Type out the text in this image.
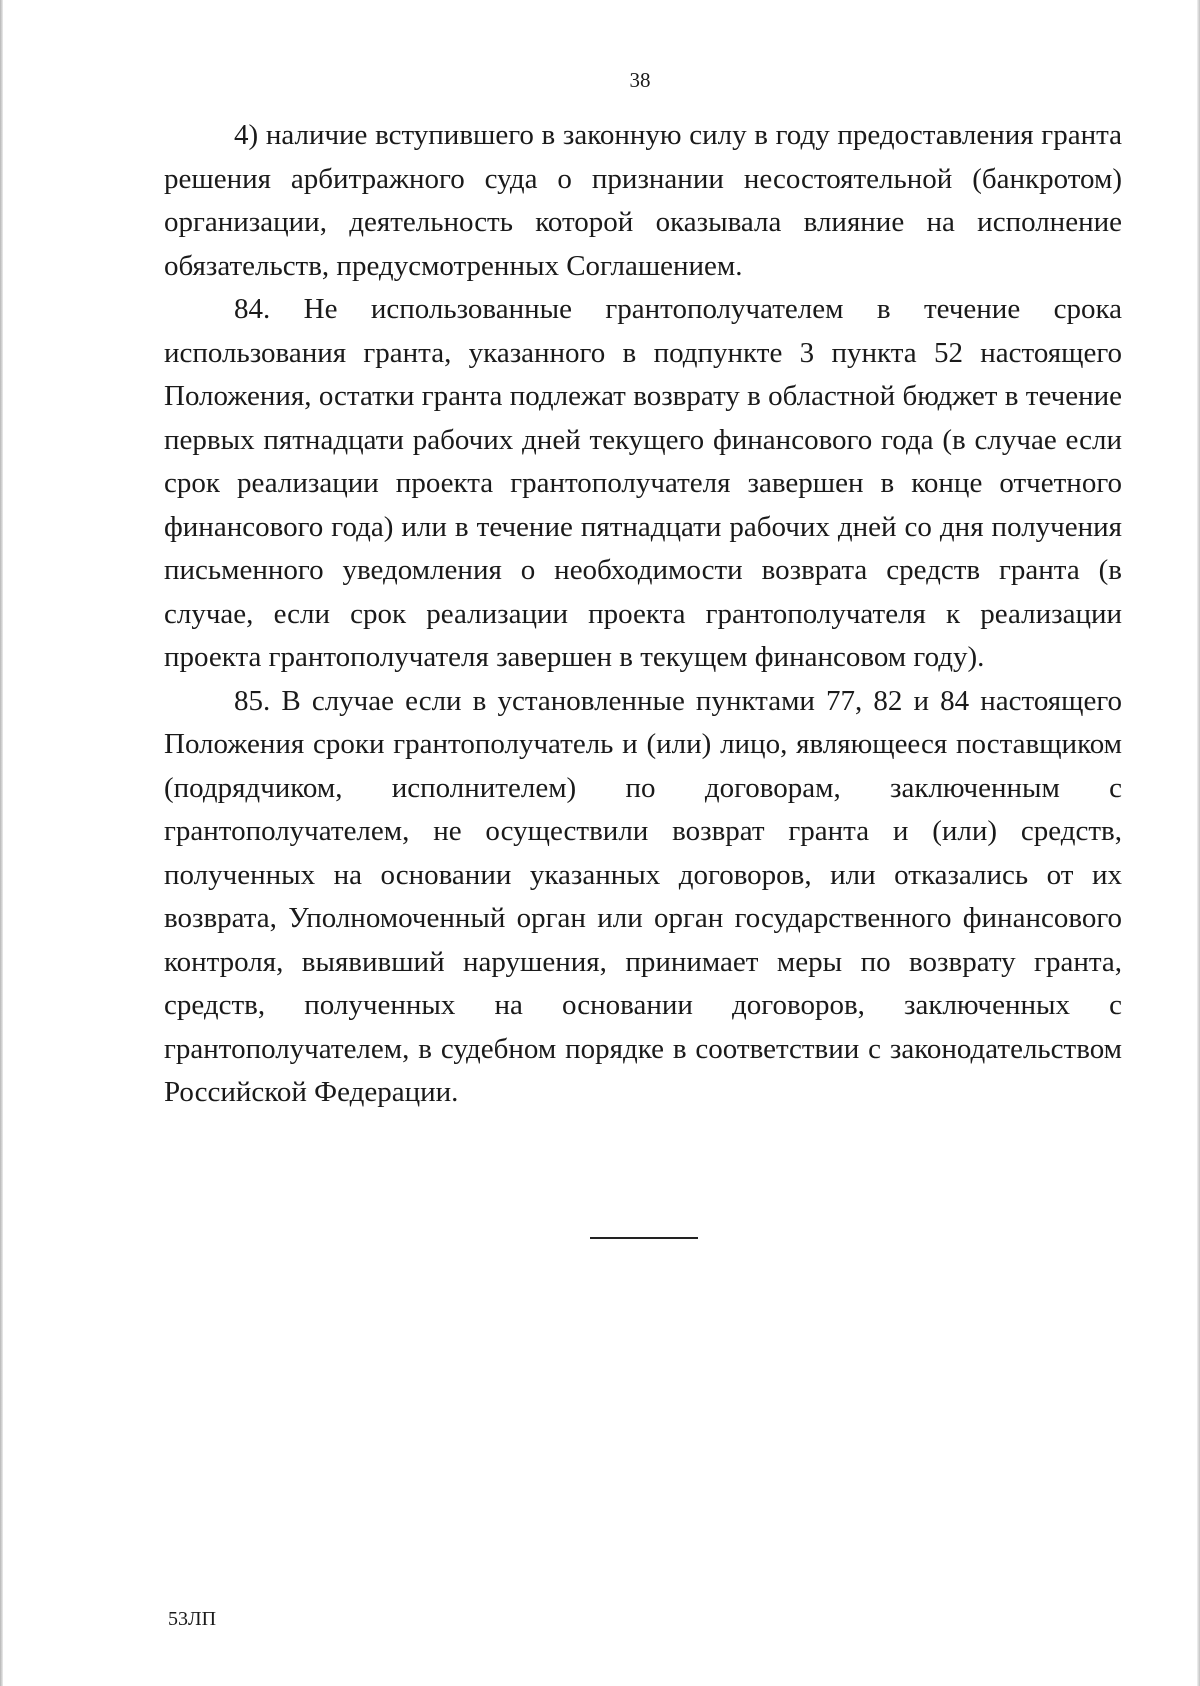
38

4) наличие вступившего в законную силу в году предоставления гранта решения арбитражного суда о признании несостоятельной (банкротом) организации, деятельность которой оказывала влияние на исполнение обязательств, предусмотренных Соглашением.

84. Не использованные грантополучателем в течение срока использования гранта, указанного в подпункте 3 пункта 52 настоящего Положения, остатки гранта подлежат возврату в областной бюджет в течение первых пятнадцати рабочих дней текущего финансового года (в случае если срок реализации проекта грантополучателя завершен в конце отчетного финансового года) или в течение пятнадцати рабочих дней со дня получения письменного уведомления о необходимости возврата средств гранта (в случае, если срок реализации проекта грантополучателя к реализации проекта грантополучателя завершен в текущем финансовом году).

85. В случае если в установленные пунктами 77, 82 и 84 настоящего Положения сроки грантополучатель и (или) лицо, являющееся поставщиком (подрядчиком, исполнителем) по договорам, заключенным с грантополучателем, не осуществили возврат гранта и (или) средств, полученных на основании указанных договоров, или отказались от их возврата, Уполномоченный орган или орган государственного финансового контроля, выявивший нарушения, принимает меры по возврату гранта, средств, полученных на основании договоров, заключенных с грантополучателем, в судебном порядке в соответствии с законодательством Российской Федерации.

53ЛП
